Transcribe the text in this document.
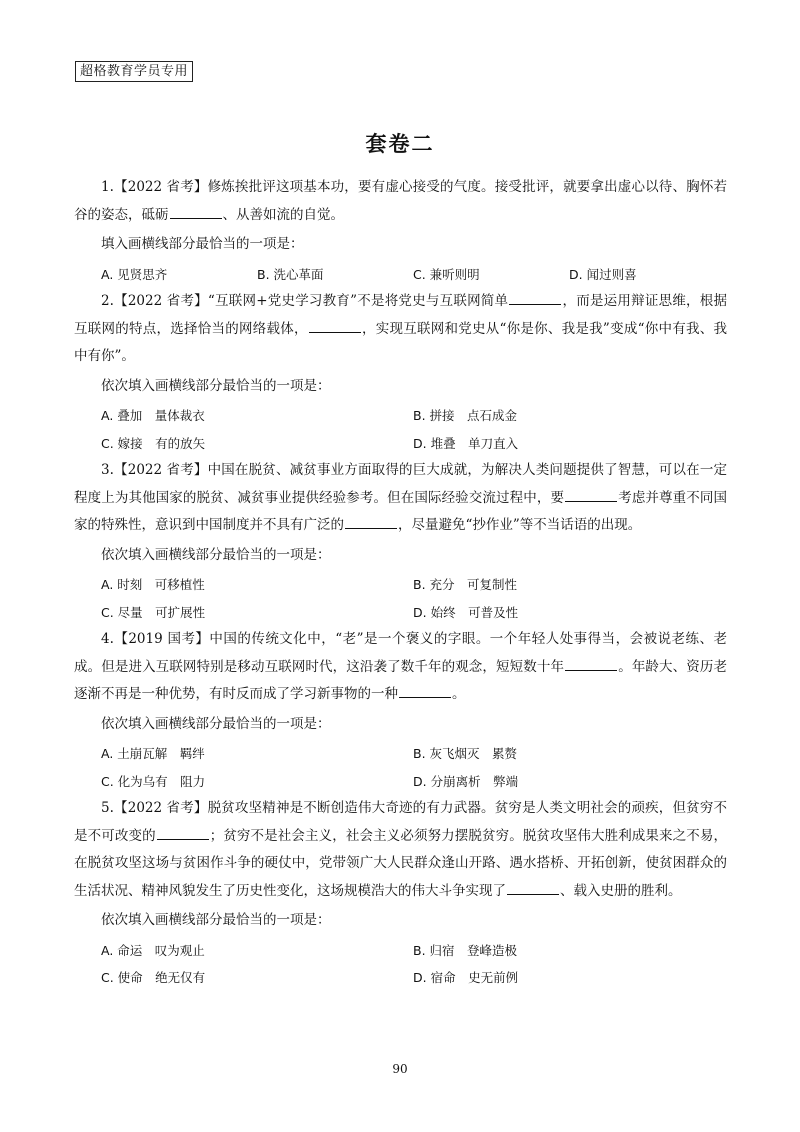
超格教育学员专用
套卷二

1.【2022 省考】修炼挨批评这项基本功，要有虚心接受的气度。接受批评，就要拿出虚心以待、胸怀若谷的姿态，砥砺	、从善如流的自觉。

填入画横线部分最恰当的一项是：

A. 见贤思齐	B. 洗心革面	C. 兼听则明	D. 闻过则喜

2.【2022 省考】“互联网+党史学习教育”不是将党史与互联网简单	，而是运用辩证思维，根据互联网的特点，选择恰当的网络载体，	，实现互联网和党史从“你是你、我是我”变成“你中有我、我中有你”。

依次填入画横线部分最恰当的一项是：

A. 叠加　量体裁衣	B. 拼接　点石成金
C. 嫁接　有的放矢	D. 堆叠　单刀直入

3.【2022 省考】中国在脱贫、减贫事业方面取得的巨大成就，为解决人类问题提供了智慧，可以在一定程度上为其他国家的脱贫、减贫事业提供经验参考。但在国际经验交流过程中，要	考虑并尊重不同国家的特殊性，意识到中国制度并不具有广泛的	，尽量避免“抄作业”等不当话语的出现。

依次填入画横线部分最恰当的一项是：

A. 时刻　可移植性	B. 充分　可复制性
C. 尽量　可扩展性	D. 始终　可普及性

4.【2019 国考】中国的传统文化中，“老”是一个褒义的字眼。一个年轻人处事得当，会被说老练、老成。但是进入互联网特别是移动互联网时代，这沿袭了数千年的观念，短短数十年	。年龄大、资历老逐渐不再是一种优势，有时反而成了学习新事物的一种	。

依次填入画横线部分最恰当的一项是：

A. 土崩瓦解　羁绊	B. 灰飞烟灭　累赘
C. 化为乌有　阻力	D. 分崩离析　弊端

5.【2022 省考】脱贫攻坚精神是不断创造伟大奇迹的有力武器。贫穷是人类文明社会的顽疾，但贫穷不是不可改变的	；贫穷不是社会主义，社会主义必须努力摆脱贫穷。脱贫攻坚伟大胜利成果来之不易，在脱贫攻坚这场与贫困作斗争的硬仗中，党带领广大人民群众逢山开路、遇水搭桥、开拓创新，使贫困群众的生活状况、精神风貌发生了历史性变化，这场规模浩大的伟大斗争实现了	、载入史册的胜利。

依次填入画横线部分最恰当的一项是：

A. 命运　叹为观止	B. 归宿　登峰造极
C. 使命　绝无仅有	D. 宿命　史无前例
90
